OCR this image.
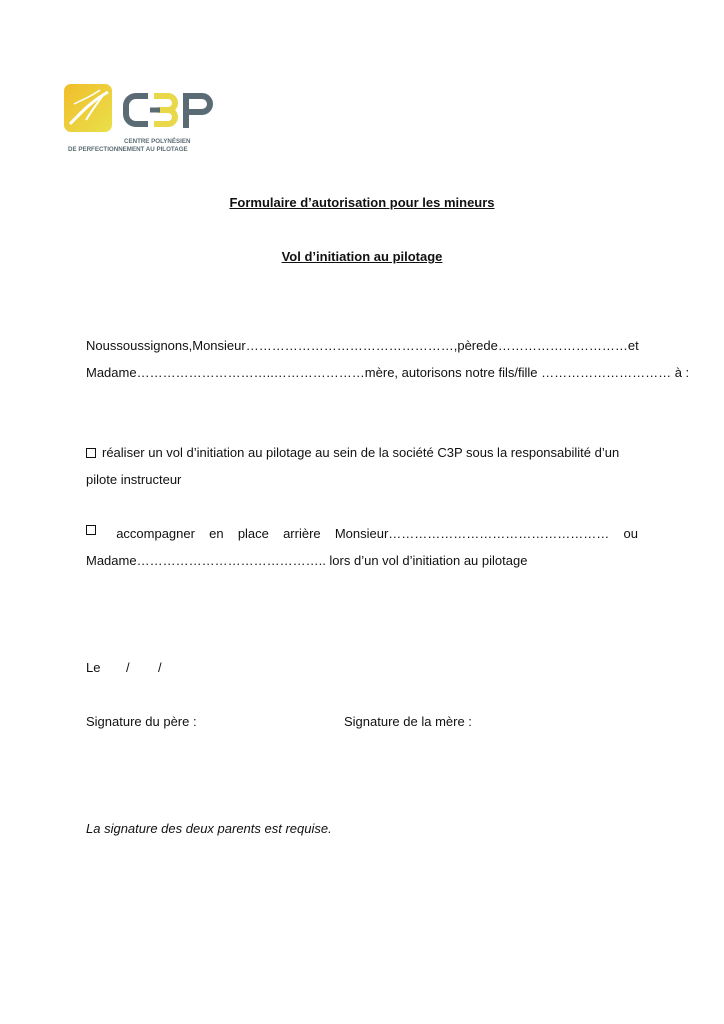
CENTRE POLYNÉSIEN
DE PERFECTIONNEMENT AU PILOTAGE
Formulaire d’autorisation pour les mineurs
Vol d’initiation au pilotage
Nous soussignons, Monsieur …………………………………………, père de………………………… et
Madame…………………………..…………………mère, autorisons notre fils/fille ………………………… à :
réaliser un vol d’initiation au pilotage au sein de la société C3P sous la responsabilité d’un
pilote instructeur
accompagner en place arrière Monsieur…………………………………………… ou
Madame…………………………………….. lors d’un vol d’initiation au pilotage
Le / /
Signature du père :	Signature de la mère :
La signature des deux parents est requise.
